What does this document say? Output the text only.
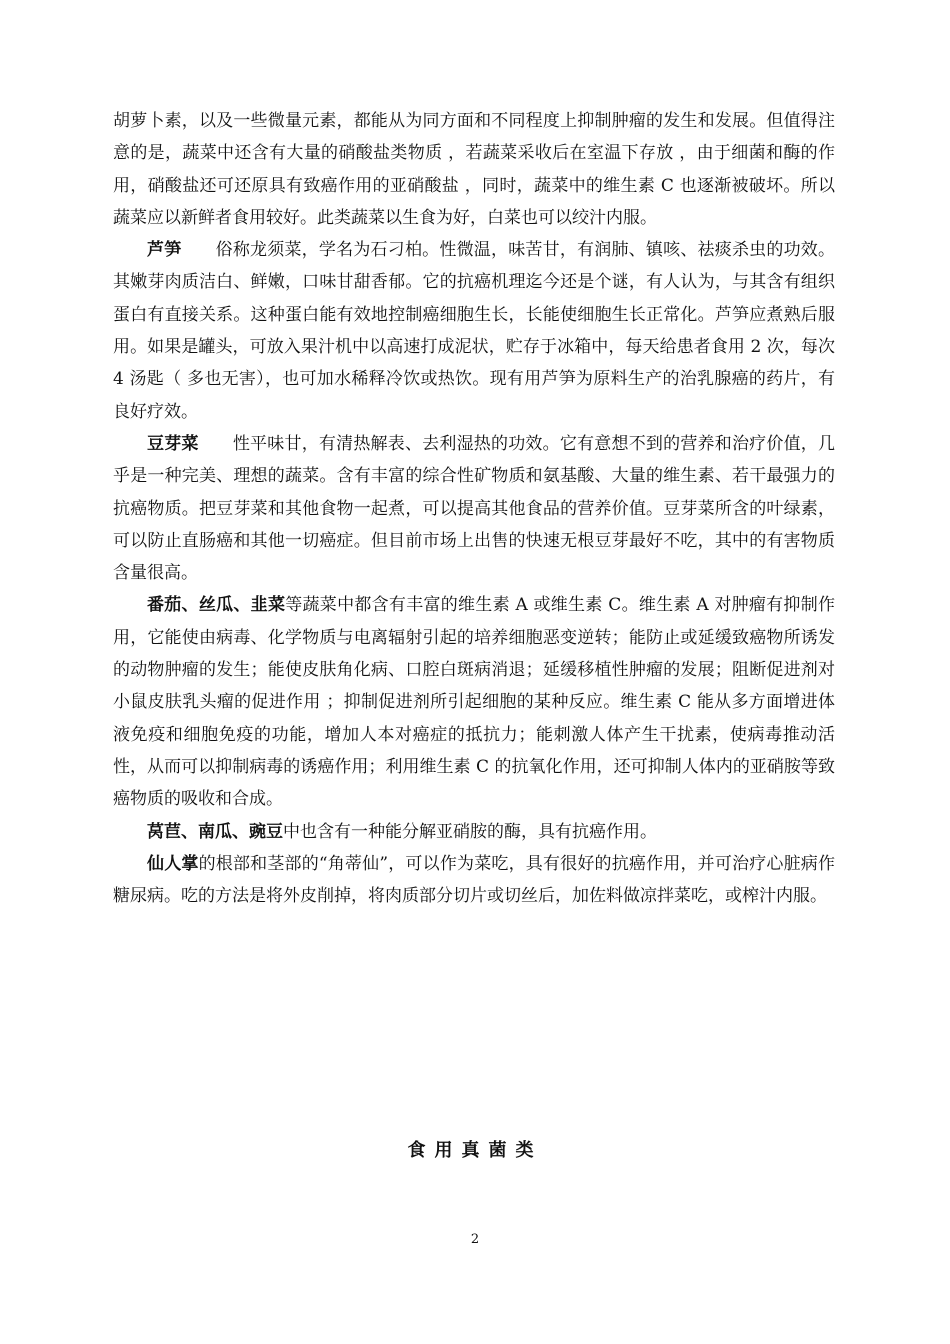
胡萝卜素，以及一些微量元素，都能从为同方面和不同程度上抑制肿瘤的发生和发展。但值得注意的是，蔬菜中还含有大量的硝酸盐类物质 ，若蔬菜采收后在室温下存放 ，由于细菌和酶的作用，硝酸盐还可还原具有致癌作用的亚硝酸盐 ，同时，蔬菜中的维生素 C 也逐渐被破坏。所以蔬菜应以新鲜者食用较好。此类蔬菜以生食为好，白菜也可以绞汁内服。

芦笋 俗称龙须菜，学名为石刁柏。性微温，味苦甘，有润肺、镇咳、祛痰杀虫的功效。其嫩芽肉质洁白、鲜嫩，口味甘甜香郁。它的抗癌机理迄今还是个谜，有人认为，与其含有组织蛋白有直接关系。这种蛋白能有效地控制癌细胞生长，长能使细胞生长正常化。芦笋应煮熟后服用。如果是罐头，可放入果汁机中以高速打成泥状，贮存于冰箱中，每天给患者食用 2 次，每次 4 汤匙（ 多也无害），也可加水稀释冷饮或热饮。现有用芦笋为原料生产的治乳腺癌的药片，有良好疗效。

豆芽菜 性平味甘，有清热解表、去利湿热的功效。它有意想不到的营养和治疗价值，几乎是一种完美、理想的蔬菜。含有丰富的综合性矿物质和氨基酸、大量的维生素、若干最强力的抗癌物质。把豆芽菜和其他食物一起煮，可以提高其他食品的营养价值。豆芽菜所含的叶绿素，可以防止直肠癌和其他一切癌症。但目前市场上出售的快速无根豆芽最好不吃，其中的有害物质含量很高。

番茄、丝瓜、韭菜等蔬菜中都含有丰富的维生素 A 或维生素 C。维生素 A 对肿瘤有抑制作用，它能使由病毒、化学物质与电离辐射引起的培养细胞恶变逆转；能防止或延缓致癌物所诱发的动物肿瘤的发生；能使皮肤角化病、口腔白斑病消退；延缓移植性肿瘤的发展；阻断促进剂对小鼠皮肤乳头瘤的促进作用 ；抑制促进剂所引起细胞的某种反应。维生素 C 能从多方面增进体液免疫和细胞免疫的功能，增加人本对癌症的抵抗力；能刺激人体产生干扰素，使病毒推动活性，从而可以抑制病毒的诱癌作用；利用维生素 C 的抗氧化作用，还可抑制人体内的亚硝胺等致癌物质的吸收和合成。

莴苣、南瓜、豌豆中也含有一种能分解亚硝胺的酶，具有抗癌作用。

仙人掌的根部和茎部的“角蒂仙”，可以作为菜吃，具有很好的抗癌作用，并可治疗心脏病作糖尿病。吃的方法是将外皮削掉，将肉质部分切片或切丝后，加佐料做凉拌菜吃，或榨汁内服。

食用真菌类
2
